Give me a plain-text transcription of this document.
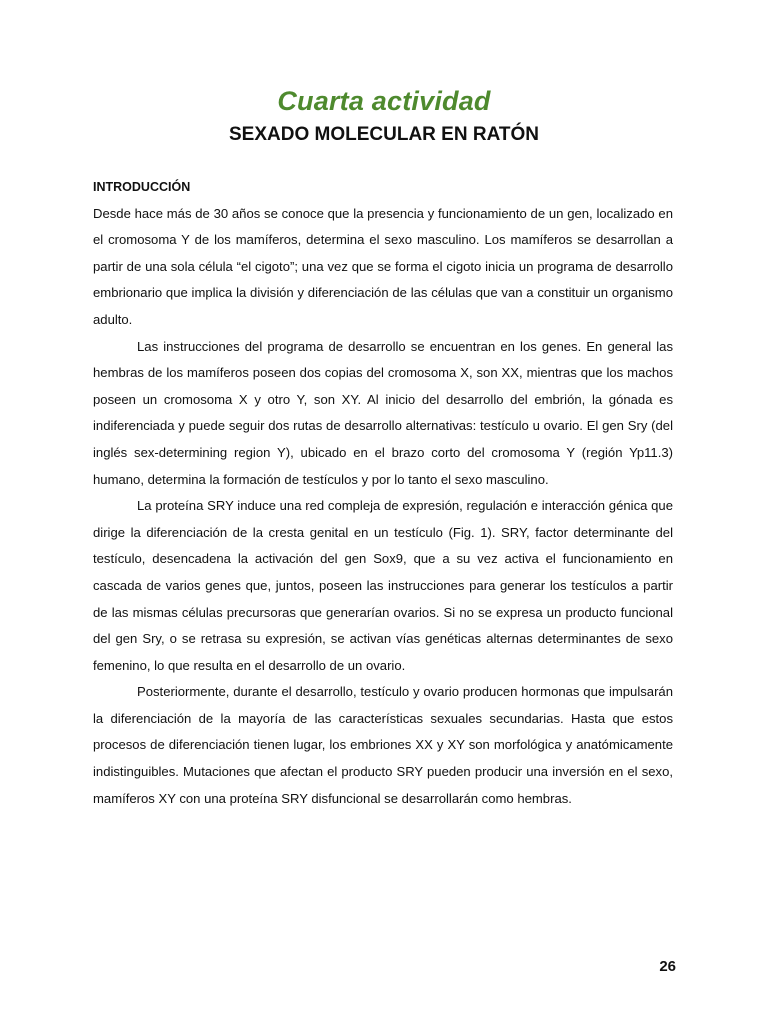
Cuarta actividad
SEXADO MOLECULAR EN RATÓN
INTRODUCCIÓN

Desde hace más de 30 años se conoce que la presencia y funcionamiento de un gen, localizado en el cromosoma Y de los mamíferos, determina el sexo masculino. Los mamíferos se desarrollan a partir de una sola célula “el cigoto”; una vez que se forma el cigoto inicia un programa de desarrollo embrionario que implica la división y diferenciación de las células que van a constituir un organismo adulto.

Las instrucciones del programa de desarrollo se encuentran en los genes. En general las hembras de los mamíferos poseen dos copias del cromosoma X, son XX, mientras que los machos poseen un cromosoma X y otro Y, son XY. Al inicio del desarrollo del embrión, la gónada es indiferenciada y puede seguir dos rutas de desarrollo alternativas: testículo u ovario. El gen Sry (del inglés sex-determining region Y), ubicado en el brazo corto del cromosoma Y (región Yp11.3) humano, determina la formación de testículos y por lo tanto el sexo masculino.

La proteína SRY induce una red compleja de expresión, regulación e interacción génica que dirige la diferenciación de la cresta genital en un testículo (Fig. 1). SRY, factor determinante del testículo, desencadena la activación del gen Sox9, que a su vez activa el funcionamiento en cascada de varios genes que, juntos, poseen las instrucciones para generar los testículos a partir de las mismas células precursoras que generarían ovarios. Si no se expresa un producto funcional del gen Sry, o se retrasa su expresión, se activan vías genéticas alternas determinantes de sexo femenino, lo que resulta en el desarrollo de un ovario.

Posteriormente, durante el desarrollo, testículo y ovario producen hormonas que impulsarán la diferenciación de la mayoría de las características sexuales secundarias. Hasta que estos procesos de diferenciación tienen lugar, los embriones XX y XY son morfológica y anatómicamente indistinguibles. Mutaciones que afectan el producto SRY pueden producir una inversión en el sexo, mamíferos XY con una proteína SRY disfuncional se desarrollarán como hembras.

26
